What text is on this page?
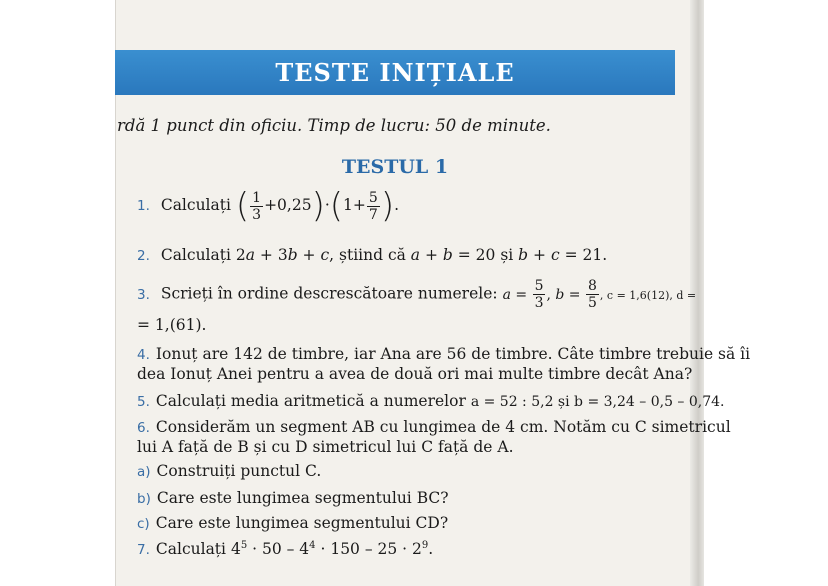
TESTE INIȚIALE
rdă 1 punct din oficiu. Timp de lucru: 50 de minute.
TESTUL 1
1. Calculați ( $\frac{1}{3} +0,25)\cdot(1+ \frac{5}{7}$ ).
2. Calculați 2a + 3b + c, știind că a + b = 20 și b + c = 21.
3. Scrieți în ordine descrescătoare numerele: $a = \frac{5}{3}$ , $b = \frac{8}{5}$ , c = 1,6(12), d =
= 1,(61).
4. Ionuț are 142 de timbre, iar Ana are 56 de timbre. Câte timbre trebuie să îi
dea Ionuț Anei pentru a avea de două ori mai multe timbre decât Ana?
5. Calculați media aritmetică a numerelor a = 52 : 5,2 și b = 3,24 – 0,5 – 0,74.
6. Considerăm un segment AB cu lungimea de 4 cm. Notăm cu C simetricul
lui A față de B și cu D simetricul lui C față de A.
a) Construiți punctul C.
b) Care este lungimea segmentului BC?
c) Care este lungimea segmentului CD?
7. Calculați $4^5 \cdot 50 - 4^4 \cdot 150 - 25 \cdot 2^9$.
